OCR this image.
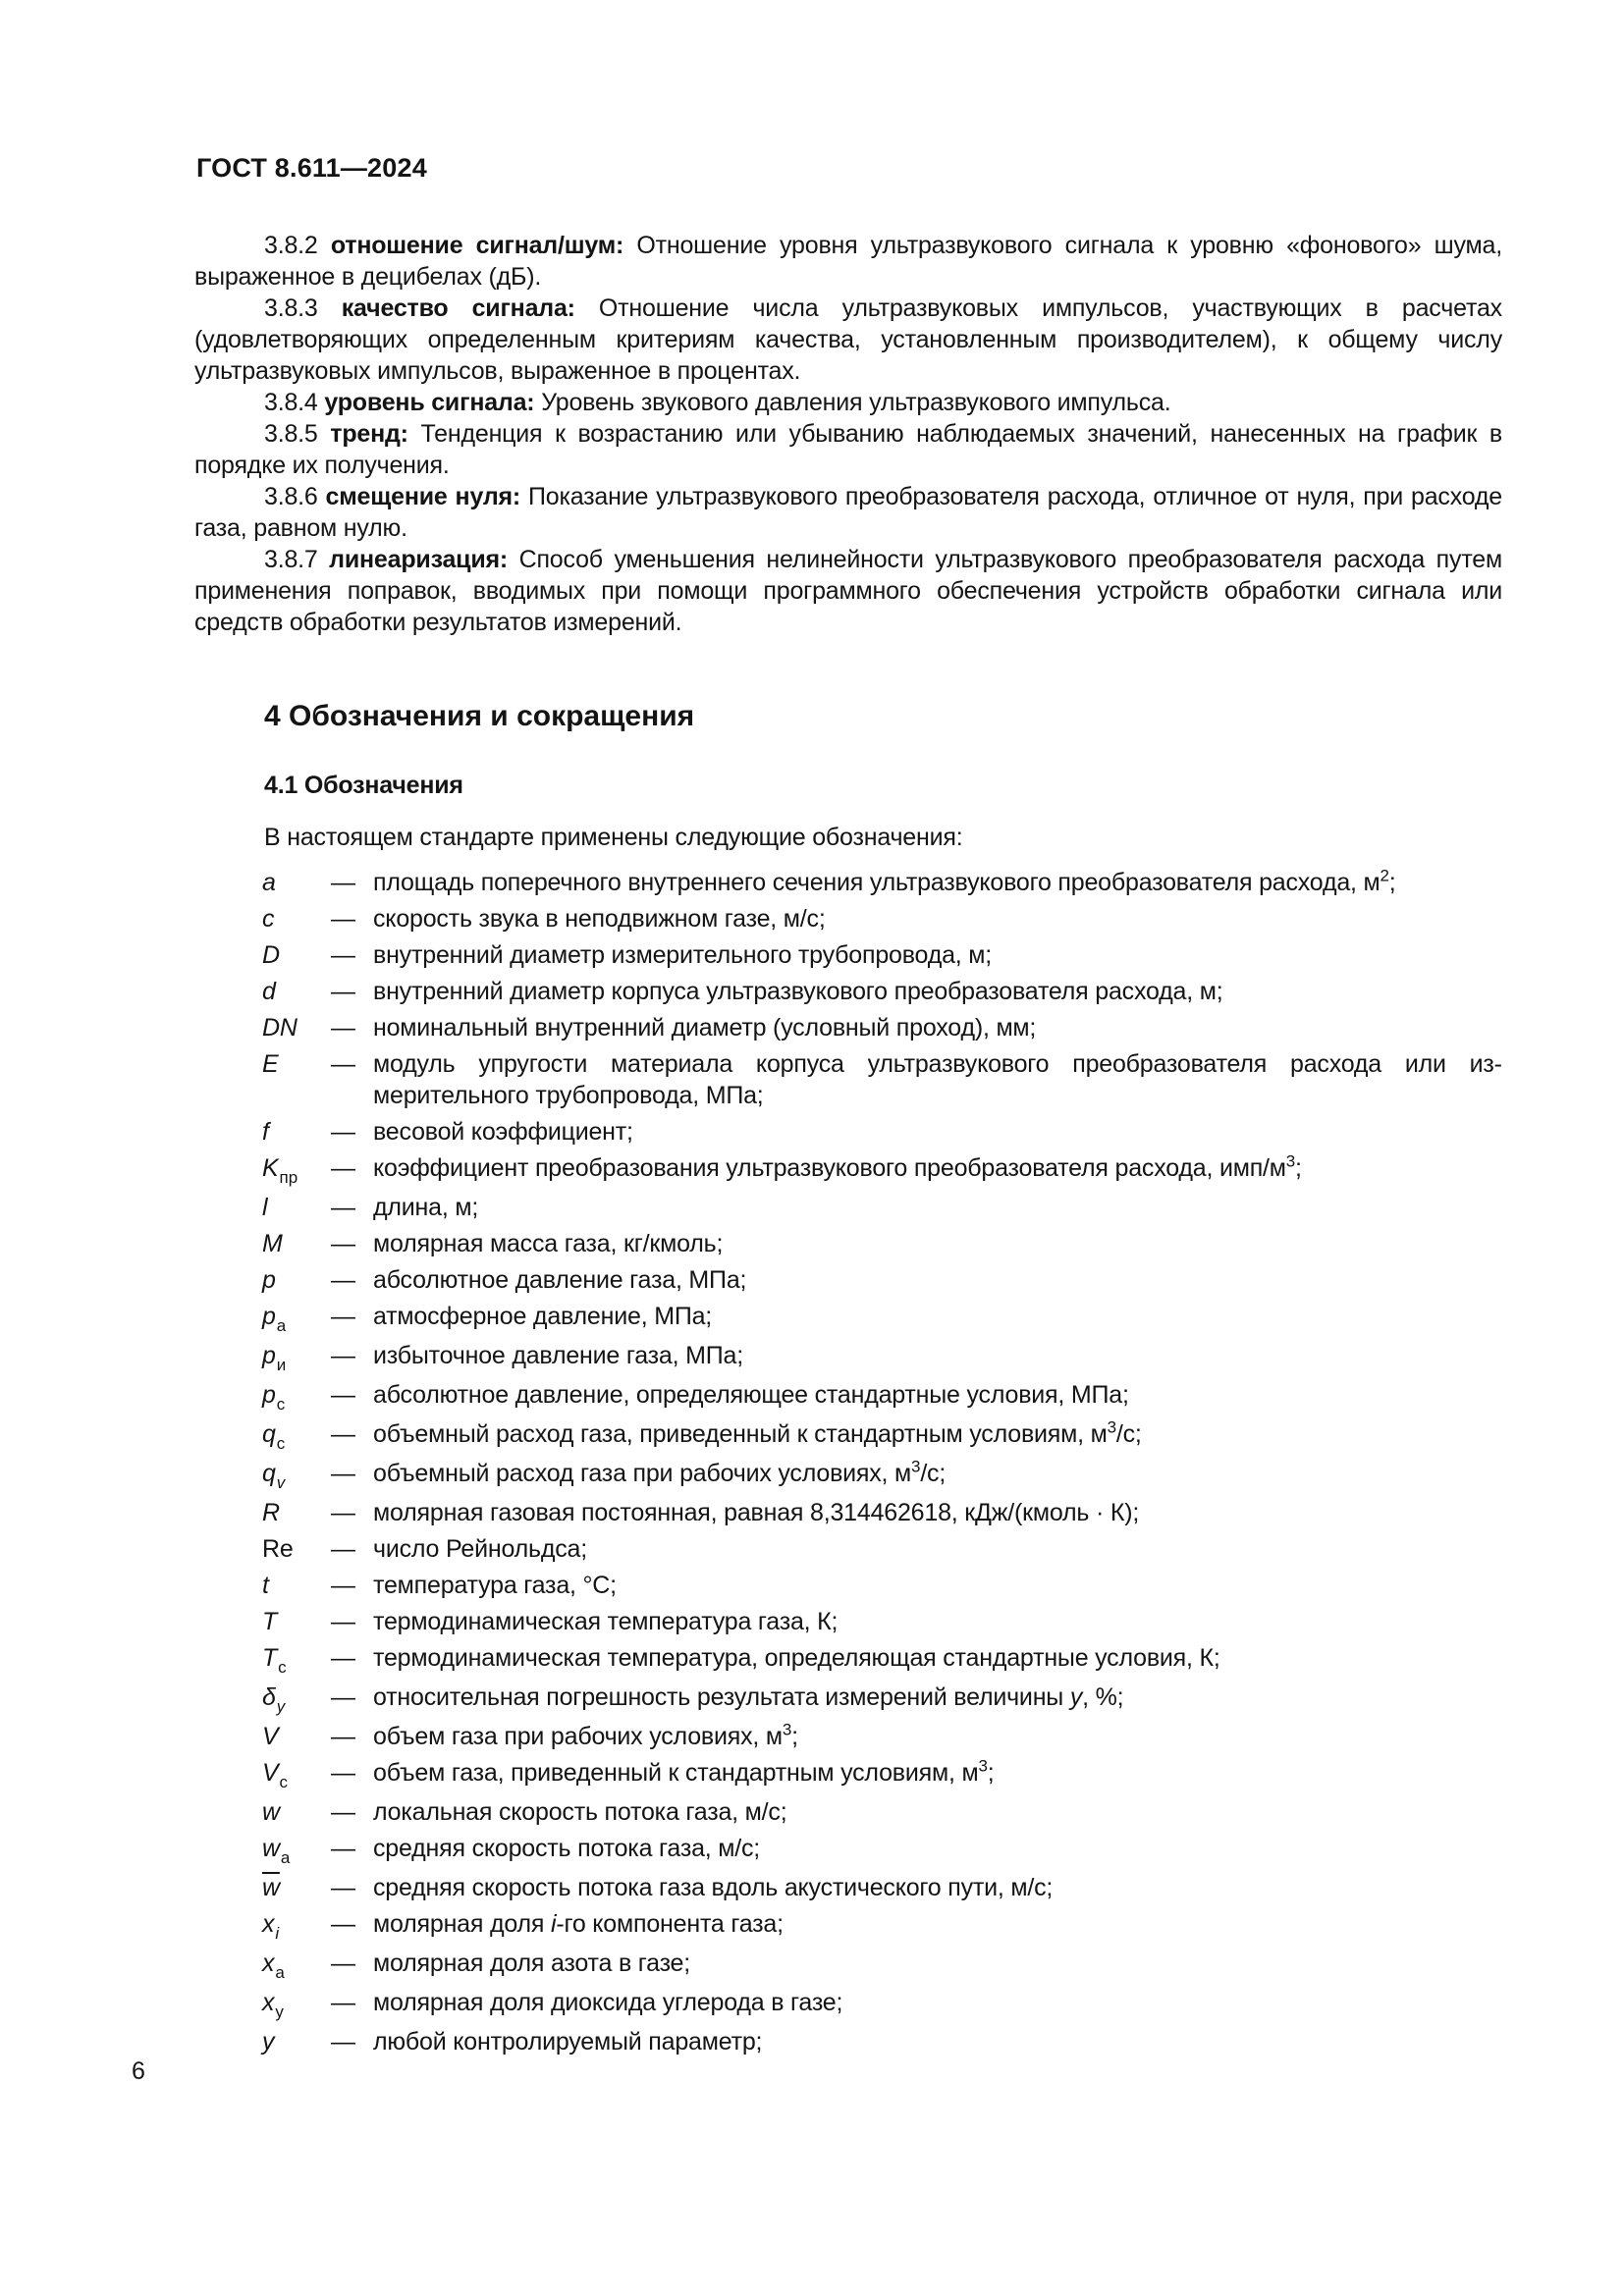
ГОСТ 8.611—2024

3.8.2 отношение сигнал/шум: Отношение уровня ультразвукового сигнала к уровню «фонового» шума, выраженное в децибелах (дБ).

3.8.3 качество сигнала: Отношение числа ультразвуковых импульсов, участвующих в расчетах (удовлетворяющих определенным критериям качества, установленным производителем), к общему числу ультразвуковых импульсов, выраженное в процентах.

3.8.4 уровень сигнала: Уровень звукового давления ультразвукового импульса.

3.8.5 тренд: Тенденция к возрастанию или убыванию наблюдаемых значений, нанесенных на график в порядке их получения.

3.8.6 смещение нуля: Показание ультразвукового преобразователя расхода, отличное от нуля, при расходе газа, равном нулю.

3.8.7 линеаризация: Способ уменьшения нелинейности ультразвукового преобразователя расхода путем применения поправок, вводимых при помощи программного обеспечения устройств обработки сигнала или средств обработки результатов измерений.

4 Обозначения и сокращения
4.1 Обозначения

В настоящем стандарте применены следующие обозначения:

a	— площадь поперечного внутреннего сечения ультразвукового преобразователя расхода, $м^2$;
c	— скорость звука в неподвижном газе, м/с;
D	— внутренний диаметр измерительного трубопровода, м;
d	— внутренний диаметр корпуса ультразвукового преобразователя расхода, м;
DN	— номинальный внутренний диаметр (условный проход), мм;
E	— модуль упругости материала корпуса ультразвукового преобразователя расхода или измерительного трубопровода, МПа;
f	— весовой коэффициент;
$K_{пр}$	— коэффициент преобразования ультразвукового преобразователя расхода, имп/$м^3$;
l	— длина, м;
M	— молярная масса газа, кг/кмоль;
p	— абсолютное давление газа, МПа;
$p_а$	— атмосферное давление, МПа;
$p_и$	— избыточное давление газа, МПа;
$p_с$	— абсолютное давление, определяющее стандартные условия, МПа;
$q_с$	— объемный расход газа, приведенный к стандартным условиям, $м^3/с$;
$q_v$	— объемный расход газа при рабочих условиях, $м^3/с$;
R	— молярная газовая постоянная, равная 8,314462618, кДж/(кмоль · К);
Re	— число Рейнольдса;
t	— температура газа, °С;
T	— термодинамическая температура газа, К;
$T_с$	— термодинамическая температура, определяющая стандартные условия, К;
$\delta_y$	— относительная погрешность результата измерений величины y, %;
V	— объем газа при рабочих условиях, $м^3$;
$V_с$	— объем газа, приведенный к стандартным условиям, $м^3$;
w	— локальная скорость потока газа, м/с;
$w_а$	— средняя скорость потока газа, м/с;
$\overline{w}$	— средняя скорость потока газа вдоль акустического пути, м/с;
$x_i$	— молярная доля i-го компонента газа;
$x_а$	— молярная доля азота в газе;
$x_у$	— молярная доля диоксида углерода в газе;
y	— любой контролируемый параметр;
6
